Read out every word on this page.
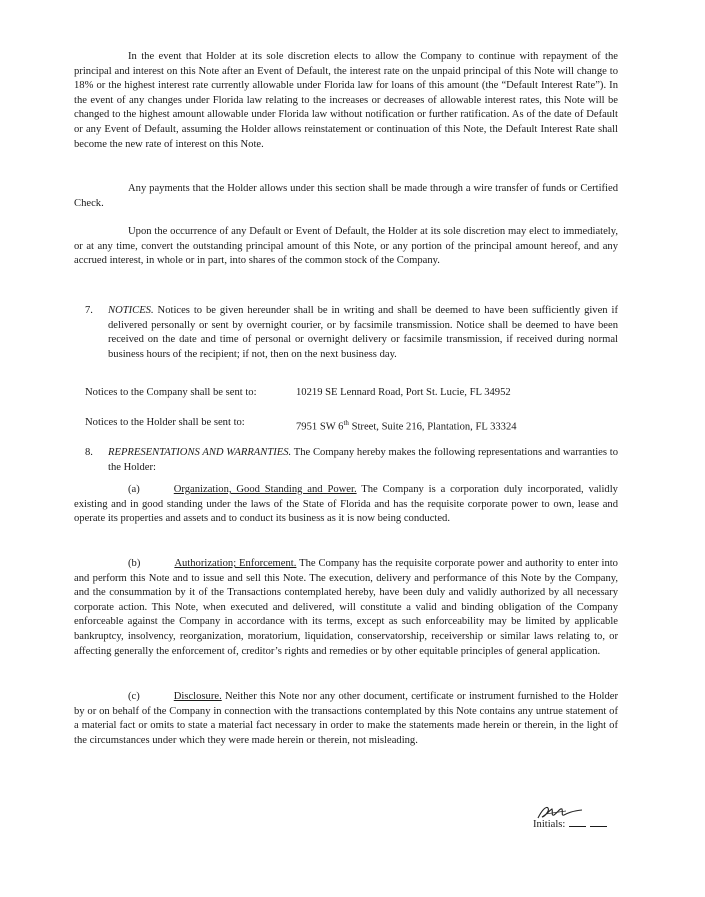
In the event that Holder at its sole discretion elects to allow the Company to continue with repayment of the principal and interest on this Note after an Event of Default, the interest rate on the unpaid principal of this Note will change to 18% or the highest interest rate currently allowable under Florida law for loans of this amount (the “Default Interest Rate”). In the event of any changes under Florida law relating to the increases or decreases of allowable interest rates, this Note will be changed to the highest amount allowable under Florida law without notification or further ratification. As of the date of Default or any Event of Default, assuming the Holder allows reinstatement or continuation of this Note, the Default Interest Rate shall become the new rate of interest on this Note.

Any payments that the Holder allows under this section shall be made through a wire transfer of funds or Certified Check.

Upon the occurrence of any Default or Event of Default, the Holder at its sole discretion may elect to immediately, or at any time, convert the outstanding principal amount of this Note, or any portion of the principal amount hereof, and any accrued interest, in whole or in part, into shares of the common stock of the Company.

7. NOTICES. Notices to be given hereunder shall be in writing and shall be deemed to have been sufficiently given if delivered personally or sent by overnight courier, or by facsimile transmission. Notice shall be deemed to have been received on the date and time of personal or overnight delivery or facsimile transmission, if received during normal business hours of the recipient; if not, then on the next business day.

Notices to the Company shall be sent to:	10219 SE Lennard Road, Port St. Lucie, FL 34952
Notices to the Holder shall be sent to:	7951 SW 6th Street, Suite 216, Plantation, FL 33324
8. REPRESENTATIONS AND WARRANTIES. The Company hereby makes the following representations and warranties to the Holder:

(a)	Organization, Good Standing and Power. The Company is a corporation duly incorporated, validly existing and in good standing under the laws of the State of Florida and has the requisite corporate power to own, lease and operate its properties and assets and to conduct its business as it is now being conducted.

(b)	Authorization; Enforcement. The Company has the requisite corporate power and authority to enter into and perform this Note and to issue and sell this Note. The execution, delivery and performance of this Note by the Company, and the consummation by it of the Transactions contemplated hereby, have been duly and validly authorized by all necessary corporate action. This Note, when executed and delivered, will constitute a valid and binding obligation of the Company enforceable against the Company in accordance with its terms, except as such enforceability may be limited by applicable bankruptcy, insolvency, reorganization, moratorium, liquidation, conservatorship, receivership or similar laws relating to, or affecting generally the enforcement of, creditor’s rights and remedies or by other equitable principles of general application.

(c)	Disclosure. Neither this Note nor any other document, certificate or instrument furnished to the Holder by or on behalf of the Company in connection with the transactions contemplated by this Note contains any untrue statement of a material fact or omits to state a material fact necessary in order to make the statements made herein or therein, in the light of the circumstances under which they were made herein or therein, not misleading.

Initials:
